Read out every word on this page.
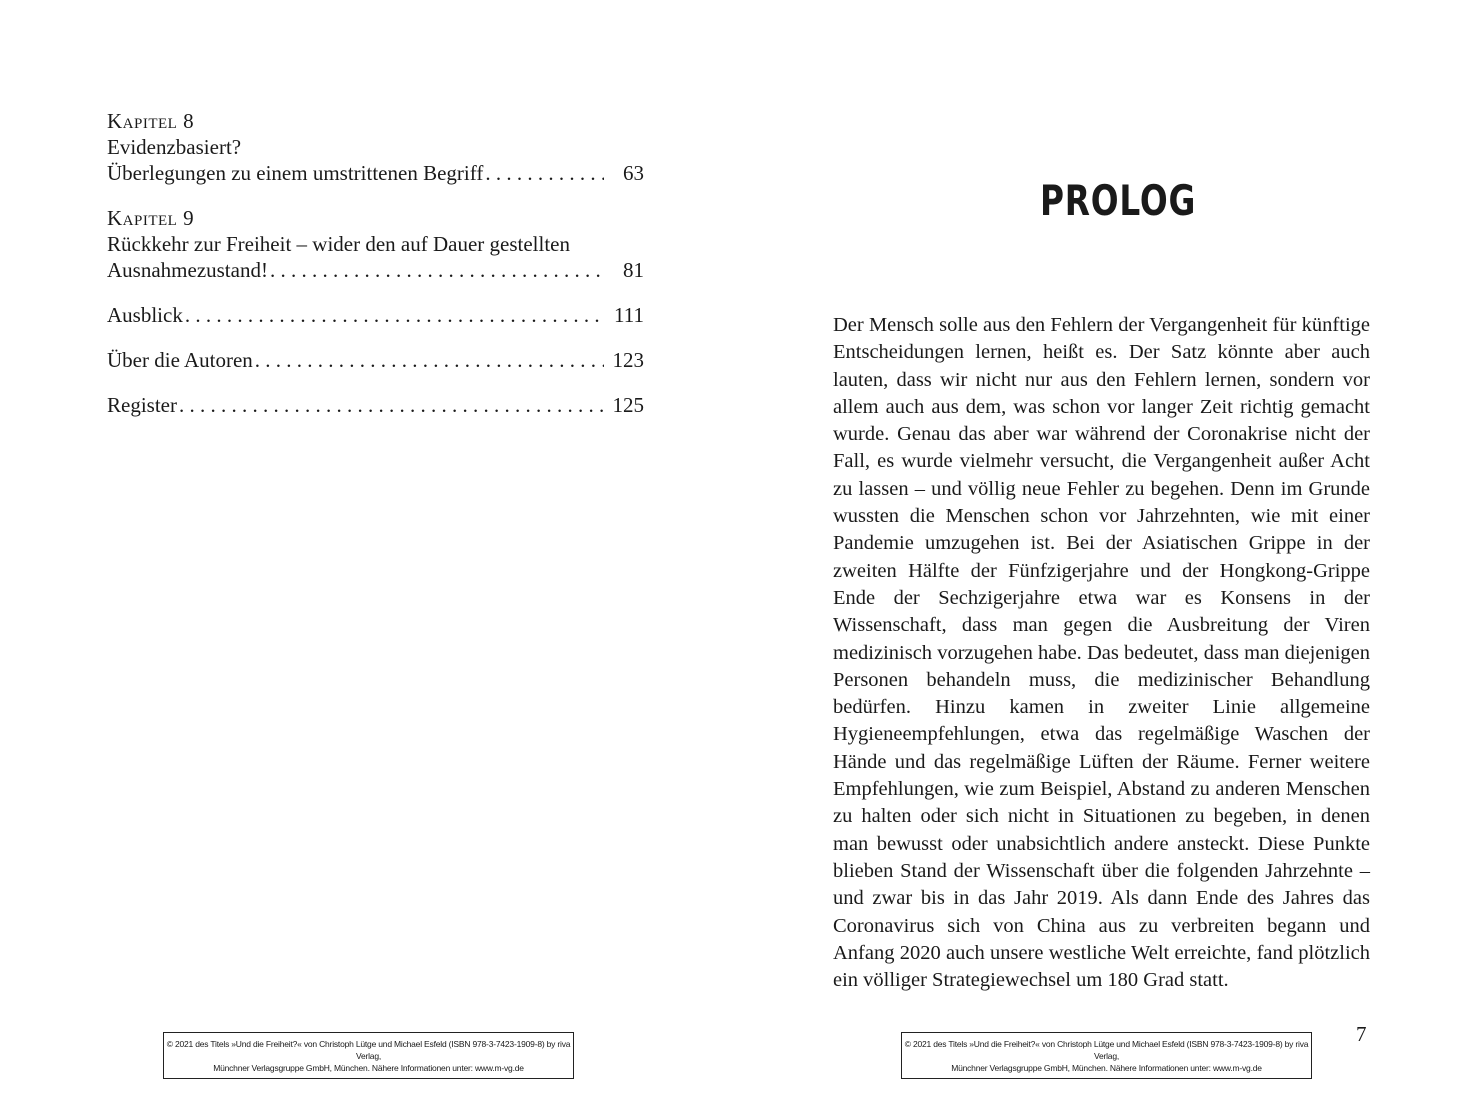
Kapitel 8
Evidenzbasiert?
Überlegungen zu einem umstrittenen Begriff . . .	63
Kapitel 9
Rückkehr zur Freiheit – wider den auf Dauer gestellten
Ausnahmezustand! . . .	81
Ausblick . . .	111
Über die Autoren . . .	123
Register . . .	125
© 2021 des Titels »Und die Freiheit?« von Christoph Lütge und Michael Esfeld (ISBN 978-3-7423-1909-8) by riva Verlag,
Münchner Verlagsgruppe GmbH, München. Nähere Informationen unter: www.m-vg.de
PROLOG

Der Mensch solle aus den Fehlern der Vergangenheit für künftige Entscheidungen lernen, heißt es. Der Satz könnte aber auch lauten, dass wir nicht nur aus den Fehlern lernen, sondern vor allem auch aus dem, was schon vor langer Zeit richtig gemacht wurde. Genau das aber war während der Coronakrise nicht der Fall, es wurde vielmehr versucht, die Vergangenheit außer Acht zu lassen – und völlig neue Fehler zu begehen. Denn im Grunde wussten die Menschen schon vor Jahrzehnten, wie mit einer Pandemie umzugehen ist. Bei der Asiatischen Grippe in der zweiten Hälfte der Fünfzigerjahre und der Hongkong-Grippe Ende der Sechzigerjahre etwa war es Konsens in der Wissenschaft, dass man gegen die Ausbreitung der Viren medizinisch vorzugehen habe. Das bedeutet, dass man diejenigen Personen behandeln muss, die medizinischer Behandlung bedürfen. Hinzu kamen in zweiter Linie allgemeine Hygieneempfehlungen, etwa das regelmäßige Waschen der Hände und das regelmäßige Lüften der Räume. Ferner weitere Empfehlungen, wie zum Beispiel, Abstand zu anderen Menschen zu halten oder sich nicht in Situationen zu begeben, in denen man bewusst oder unabsichtlich andere ansteckt. Diese Punkte blieben Stand der Wissenschaft über die folgenden Jahrzehnte – und zwar bis in das Jahr 2019. Als dann Ende des Jahres das Coronavirus sich von China aus zu verbreiten begann und Anfang 2020 auch unsere westliche Welt erreichte, fand plötzlich ein völliger Strategiewechsel um 180 Grad statt.

7
© 2021 des Titels »Und die Freiheit?« von Christoph Lütge und Michael Esfeld (ISBN 978-3-7423-1909-8) by riva Verlag,
Münchner Verlagsgruppe GmbH, München. Nähere Informationen unter: www.m-vg.de
